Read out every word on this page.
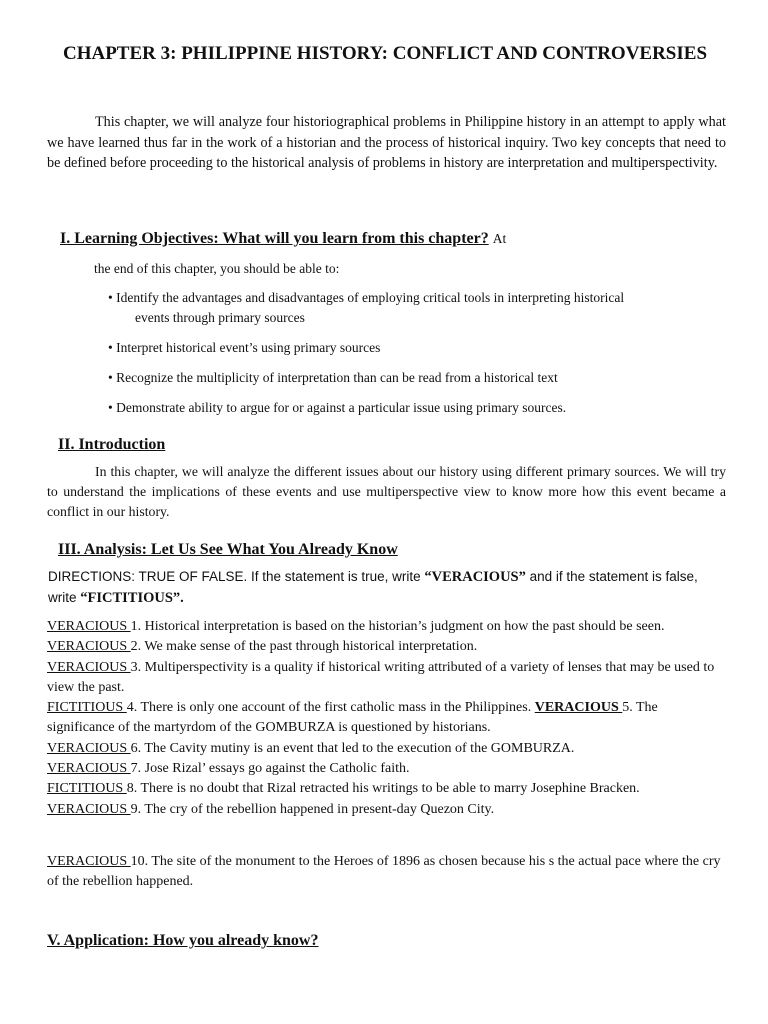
CHAPTER 3: PHILIPPINE HISTORY: CONFLICT AND CONTROVERSIES

This chapter, we will analyze four historiographical problems in Philippine history in an attempt to apply what we have learned thus far in the work of a historian and the process of historical inquiry. Two key concepts that need to be defined before proceeding to the historical analysis of problems in history are interpretation and multiperspectivity.

I. Learning Objectives: What will you learn from this chapter? At

the end of this chapter, you should be able to:

• Identify the advantages and disadvantages of employing critical tools in interpreting historical
events through primary sources
• Interpret historical event’s using primary sources
• Recognize the multiplicity of interpretation than can be read from a historical text
• Demonstrate ability to argue for or against a particular issue using primary sources.
II. Introduction

In this chapter, we will analyze the different issues about our history using different primary sources. We will try to understand the implications of these events and use multiperspective view to know more how this event became a conflict in our history.

III. Analysis: Let Us See What You Already Know

DIRECTIONS: TRUE OF FALSE. If the statement is true, write “VERACIOUS” and if the statement is false, write “FICTITIOUS”.

VERACIOUS 1. Historical interpretation is based on the historian’s judgment on how the past should be seen.
VERACIOUS 2. We make sense of the past through historical interpretation.
VERACIOUS 3. Multiperspectivity is a quality if historical writing attributed of a variety of lenses that may be used to view the past.
FICTITIOUS 4. There is only one account of the first catholic mass in the Philippines. VERACIOUS 5. The significance of the martyrdom of the GOMBURZA is questioned by historians.
VERACIOUS 6. The Cavity mutiny is an event that led to the execution of the GOMBURZA.
VERACIOUS 7. Jose Rizal’ essays go against the Catholic faith.
FICTITIOUS 8. There is no doubt that Rizal retracted his writings to be able to marry Josephine Bracken.
VERACIOUS 9. The cry of the rebellion happened in present-day Quezon City.
VERACIOUS 10. The site of the monument to the Heroes of 1896 as chosen because his s the actual pace where the cry of the rebellion happened.
V. Application: How you already know?
